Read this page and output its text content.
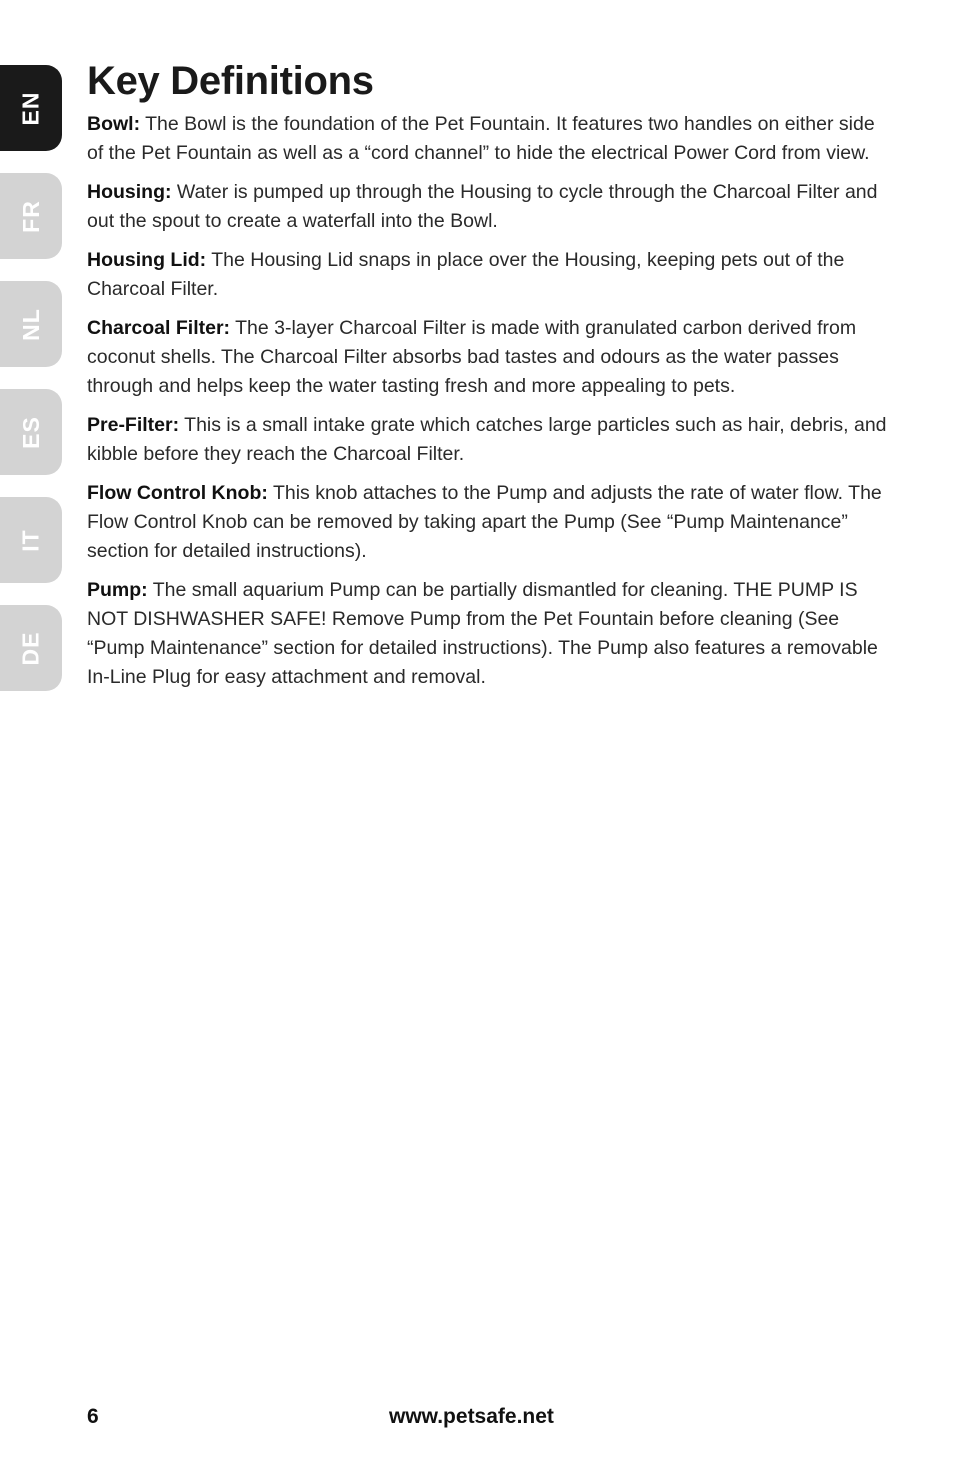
EN
FR
NL
ES
IT
DE
Key Definitions

Bowl: The Bowl is the foundation of the Pet Fountain. It features two handles on either side of the Pet Fountain as well as a “cord channel” to hide the electrical Power Cord from view.

Housing: Water is pumped up through the Housing to cycle through the Charcoal Filter and out the spout to create a waterfall into the Bowl.

Housing Lid: The Housing Lid snaps in place over the Housing, keeping pets out of the Charcoal Filter.

Charcoal Filter: The 3-layer Charcoal Filter is made with granulated carbon derived from coconut shells. The Charcoal Filter absorbs bad tastes and odours as the water passes through and helps keep the water tasting fresh and more appealing to pets.

Pre-Filter: This is a small intake grate which catches large particles such as hair, debris, and kibble before they reach the Charcoal Filter.

Flow Control Knob: This knob attaches to the Pump and adjusts the rate of water flow. The Flow Control Knob can be removed by taking apart the Pump (See “Pump Maintenance” section for detailed instructions).

Pump: The small aquarium Pump can be partially dismantled for cleaning. THE PUMP IS NOT DISHWASHER SAFE! Remove Pump from the Pet Fountain before cleaning (See “Pump Maintenance” section for detailed instructions). The Pump also features a removable In-Line Plug for easy attachment and removal.

6	www.petsafe.net
